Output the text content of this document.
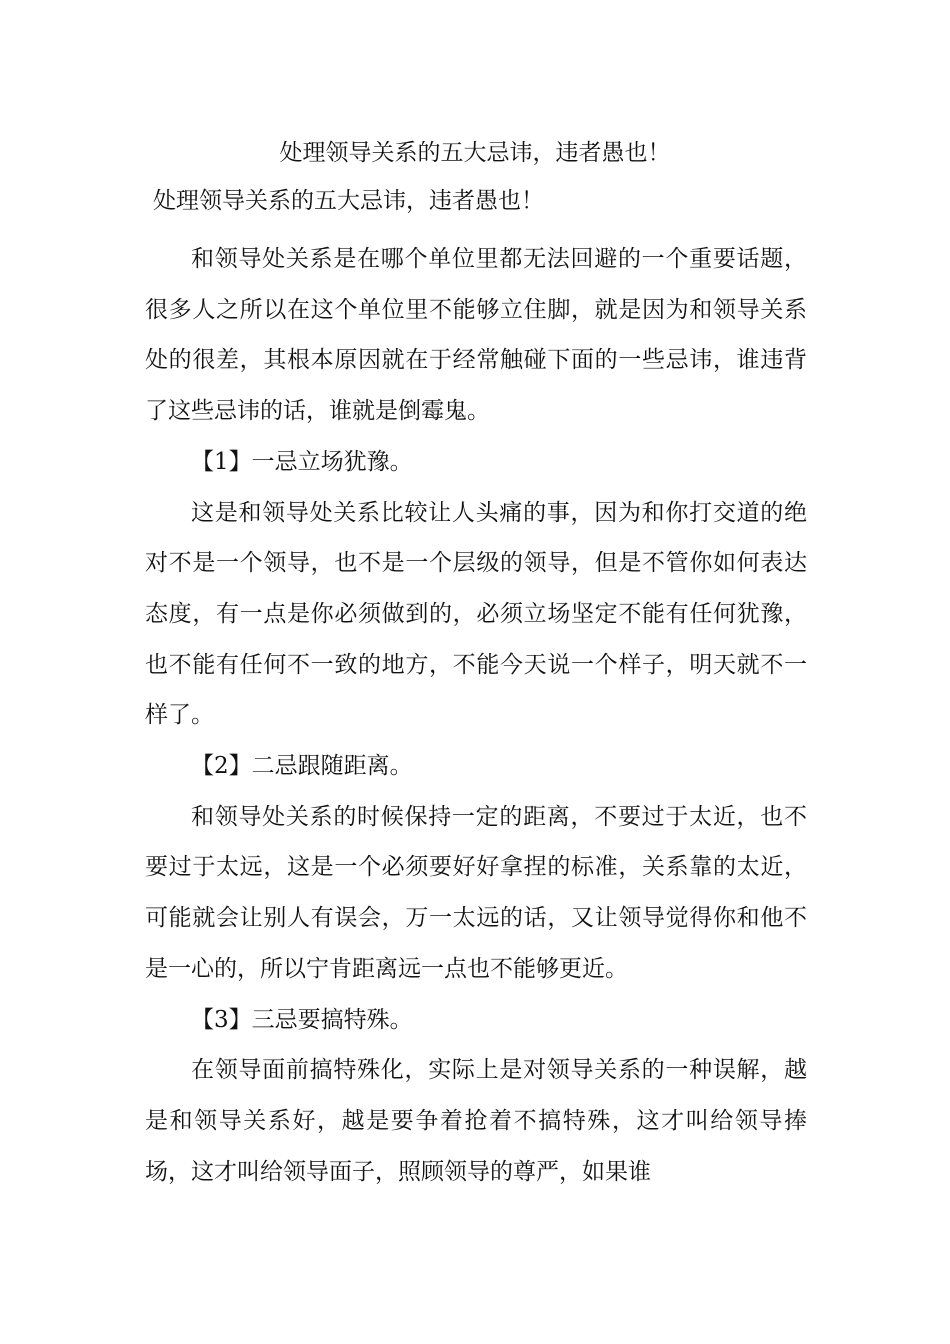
处理领导关系的五大忌讳，违者愚也！
处理领导关系的五大忌讳，违者愚也！

和领导处关系是在哪个单位里都无法回避的一个重要话题，很多人之所以在这个单位里不能够立住脚，就是因为和领导关系处的很差，其根本原因就在于经常触碰下面的一些忌讳，谁违背了这些忌讳的话，谁就是倒霉鬼。

【1】一忌立场犹豫。

这是和领导处关系比较让人头痛的事，因为和你打交道的绝对不是一个领导，也不是一个层级的领导，但是不管你如何表达态度，有一点是你必须做到的，必须立场坚定不能有任何犹豫，也不能有任何不一致的地方，不能今天说一个样子，明天就不一样了。

【2】二忌跟随距离。

和领导处关系的时候保持一定的距离，不要过于太近，也不要过于太远，这是一个必须要好好拿捏的标准，关系靠的太近，可能就会让别人有误会，万一太远的话，又让领导觉得你和他不是一心的，所以宁肯距离远一点也不能够更近。

【3】三忌要搞特殊。

在领导面前搞特殊化，实际上是对领导关系的一种误解，越是和领导关系好，越是要争着抢着不搞特殊，这才叫给领导捧场，这才叫给领导面子，照顾领导的尊严，如果谁
